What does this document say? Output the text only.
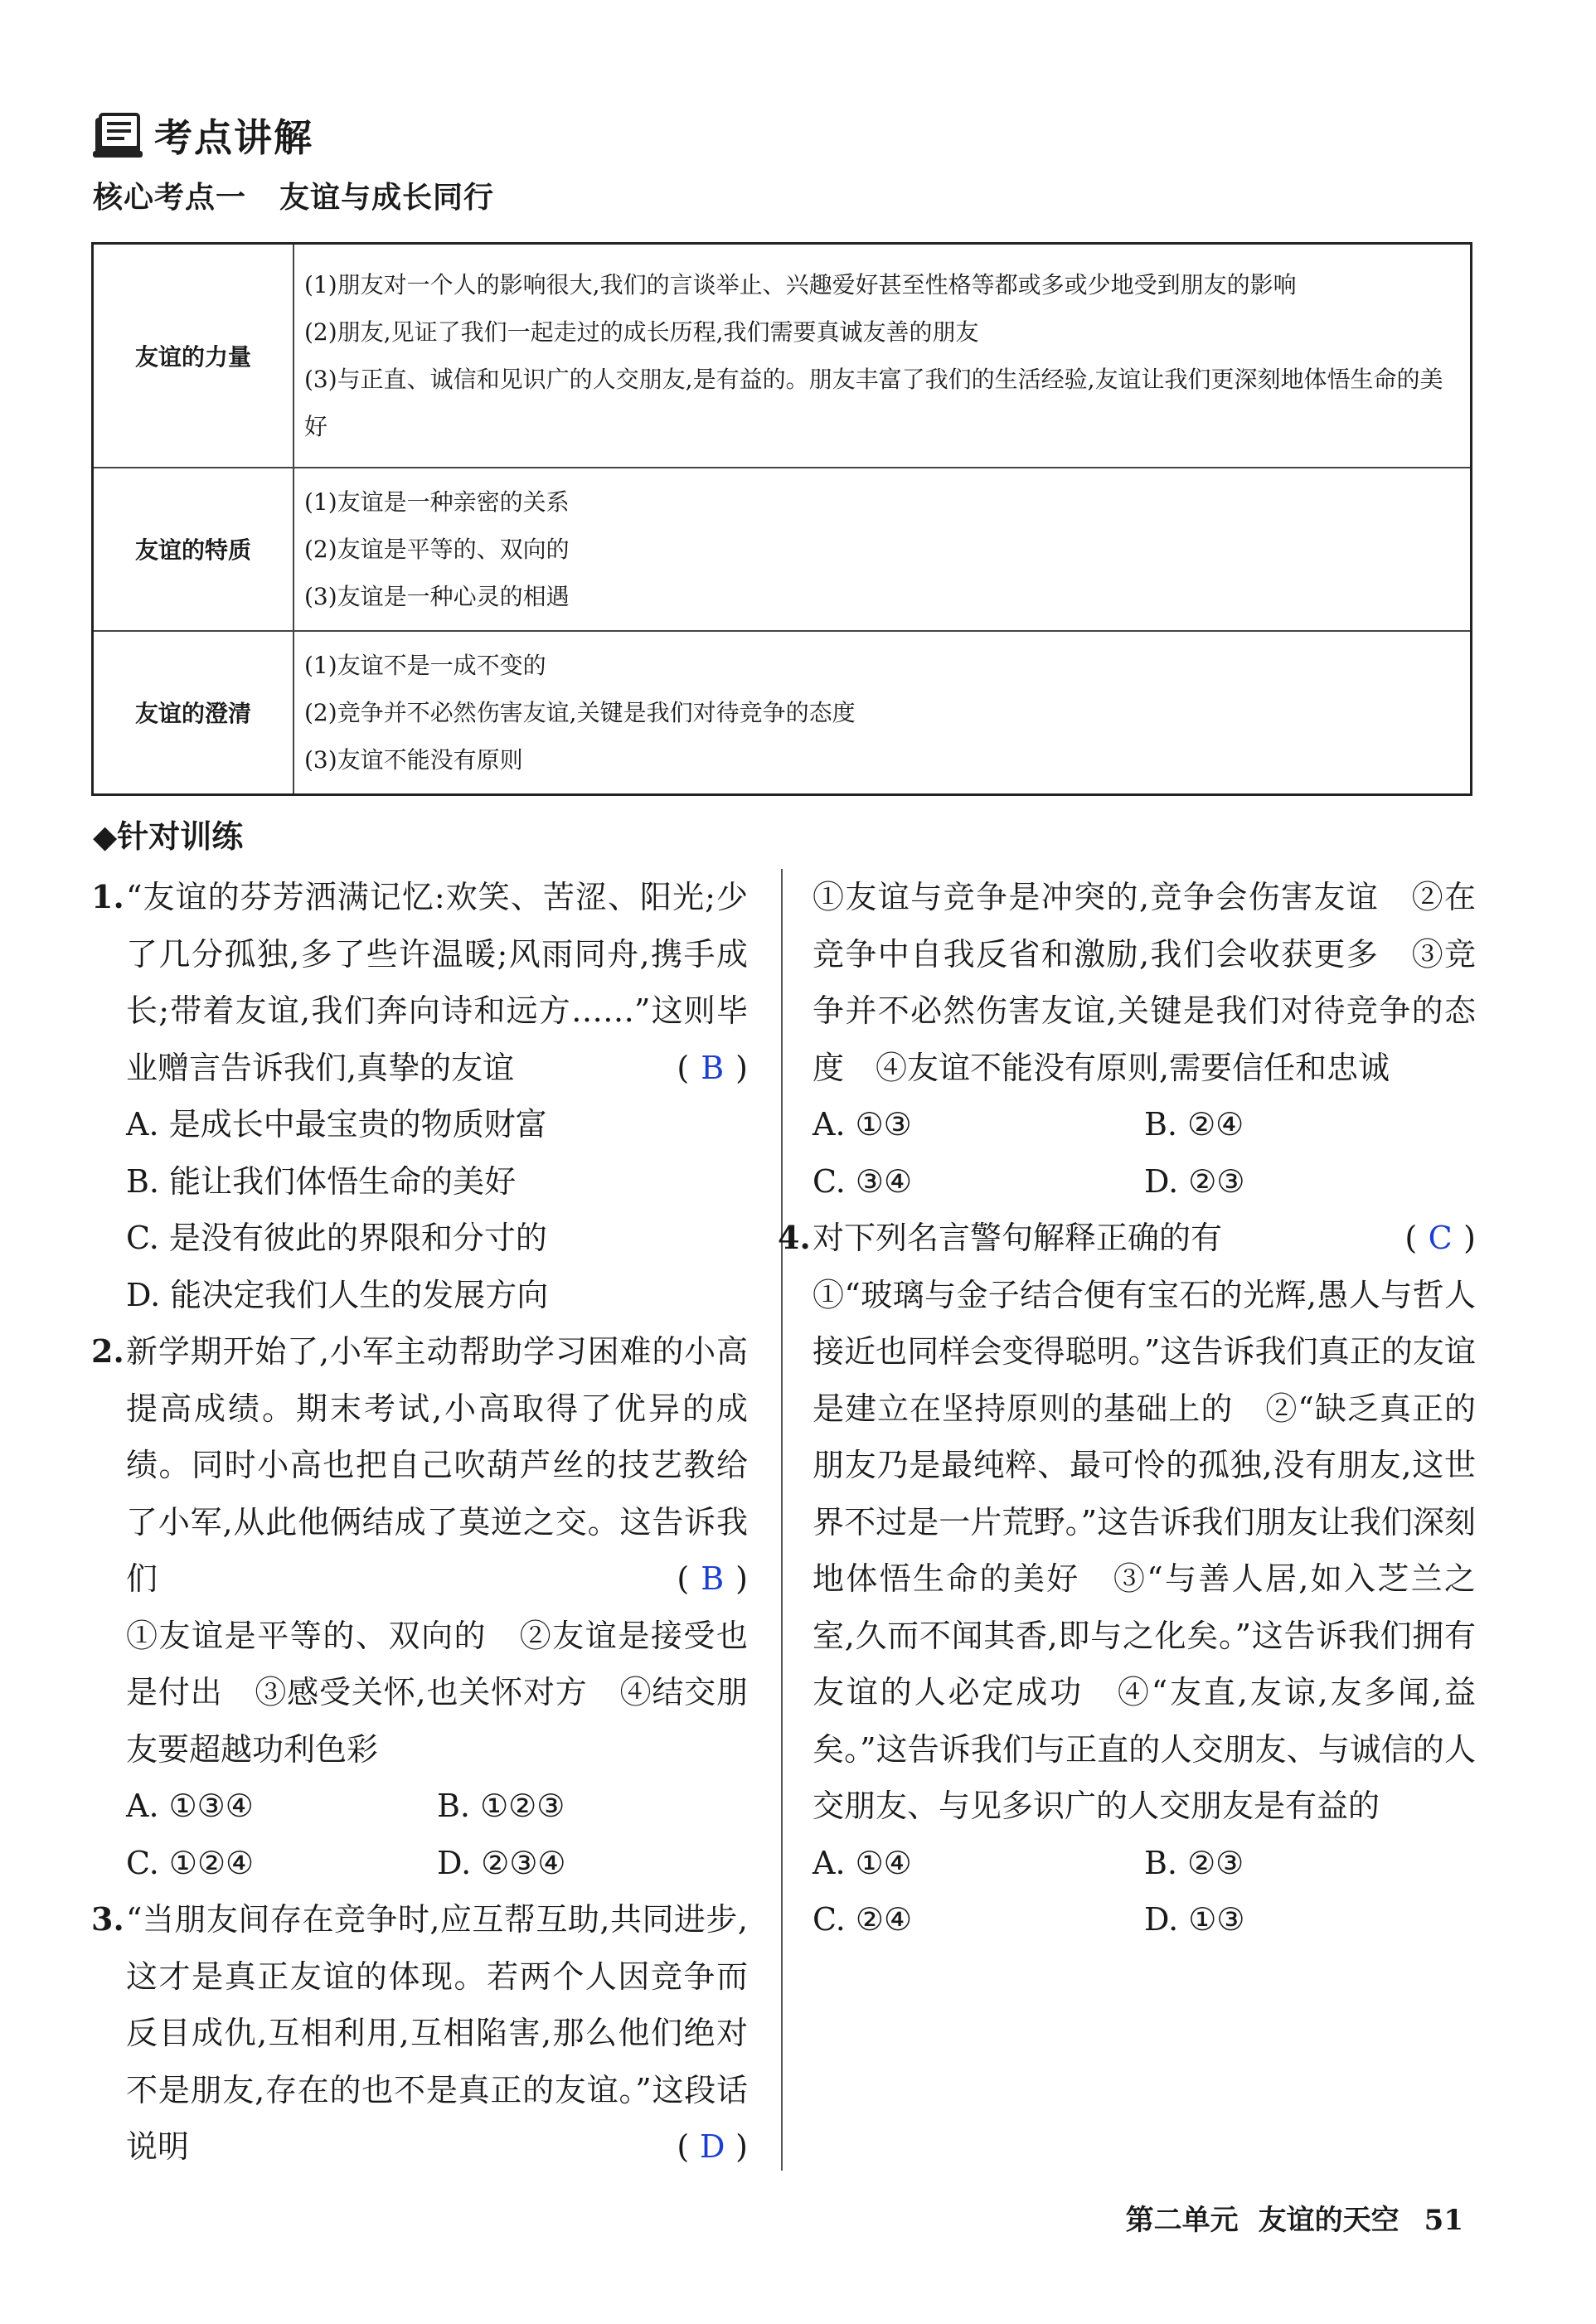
考点讲解
核心考点一 友谊与成长同行
友谊的力量	(1)朋友对一个人的影响很大,我们的言谈举止、兴趣爱好甚至性格等都或多或少地受到朋友的影响
(2)朋友,见证了我们一起走过的成长历程,我们需要真诚友善的朋友
(3)与正直、诚信和见识广的人交朋友,是有益的。朋友丰富了我们的生活经验,友谊让我们更深刻地体悟生命的美好

友谊的特质	(1)友谊是一种亲密的关系
(2)友谊是平等的、双向的
(3)友谊是一种心灵的相遇

友谊的澄清	(1)友谊不是一成不变的
(2)竞争并不必然伤害友谊,关键是我们对待竞争的态度
(3)友谊不能没有原则
◆针对训练
1. “友谊的芬芳洒满记忆:欢笑、苦涩、阳光;少了几分孤独,多了些许温暖;风雨同舟,携手成长;带着友谊,我们奔向诗和远方……”这则毕业赠言告诉我们,真挚的友谊	( B )
A. 是成长中最宝贵的物质财富
B. 能让我们体悟生命的美好
C. 是没有彼此的界限和分寸的
D. 能决定我们人生的发展方向
2. 新学期开始了,小军主动帮助学习困难的小高提高成绩。期末考试,小高取得了优异的成绩。同时小高也把自己吹葫芦丝的技艺教给了小军,从此他俩结成了莫逆之交。这告诉我们	( B )
①友谊是平等的、双向的　②友谊是接受也是付出　③感受关怀,也关怀对方　④结交朋友要超越功利色彩
A. ①③④	B. ①②③
C. ①②④	D. ②③④
3. “当朋友间存在竞争时,应互帮互助,共同进步,这才是真正友谊的体现。若两个人因竞争而反目成仇,互相利用,互相陷害,那么他们绝对不是朋友,存在的也不是真正的友谊。”这段话说明	( D )
①友谊与竞争是冲突的,竞争会伤害友谊　②在竞争中自我反省和激励,我们会收获更多　③竞争并不必然伤害友谊,关键是我们对待竞争的态度　④友谊不能没有原则,需要信任和忠诚
A. ①③	B. ②④
C. ③④	D. ②③
4. 对下列名言警句解释正确的有	( C )
①“玻璃与金子结合便有宝石的光辉,愚人与哲人接近也同样会变得聪明。”这告诉我们真正的友谊是建立在坚持原则的基础上的　②“缺乏真正的朋友乃是最纯粹、最可怜的孤独,没有朋友,这世界不过是一片荒野。”这告诉我们朋友让我们深刻地体悟生命的美好　③“与善人居,如入芝兰之室,久而不闻其香,即与之化矣。”这告诉我们拥有友谊的人必定成功　④“友直,友谅,友多闻,益矣。”这告诉我们与正直的人交朋友、与诚信的人交朋友、与见多识广的人交朋友是有益的
A. ①④	B. ②③
C. ②④	D. ①③
第二单元 友谊的天空 51
